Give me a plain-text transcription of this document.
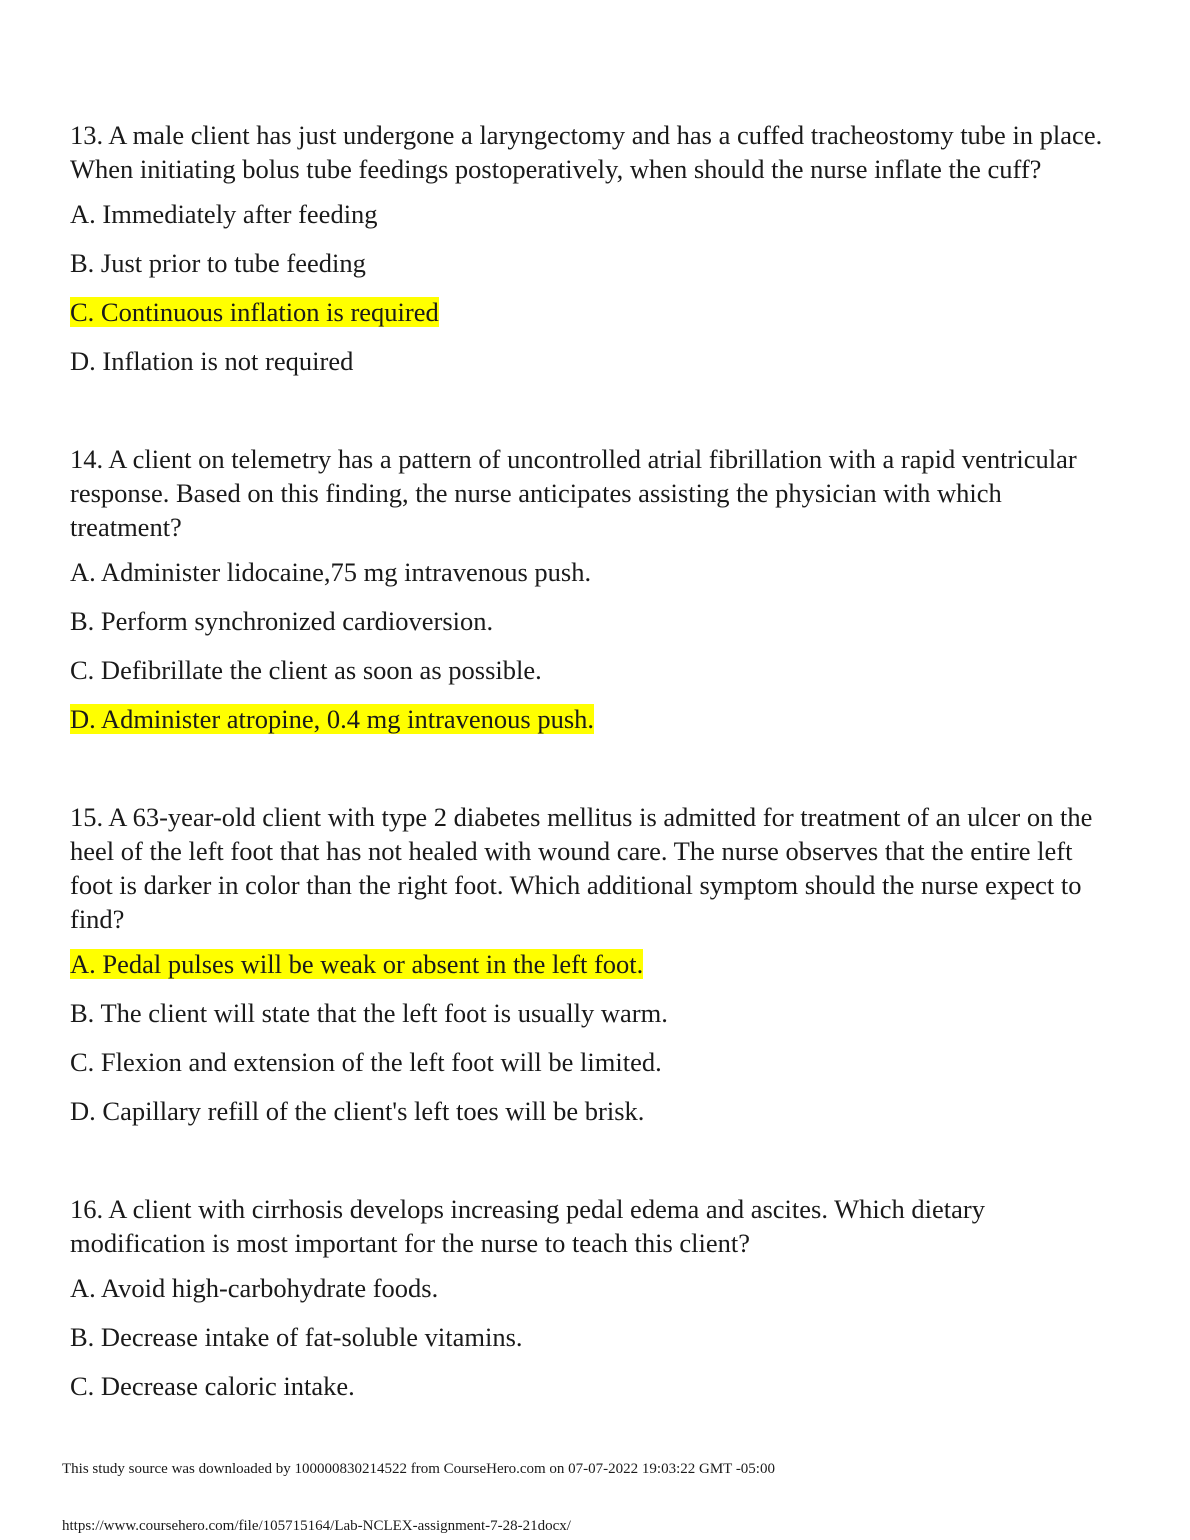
13. A male client has just undergone a laryngectomy and has a cuffed tracheostomy tube in place. When initiating bolus tube feedings postoperatively, when should the nurse inflate the cuff?

A. Immediately after feeding

B. Just prior to tube feeding

C. Continuous inflation is required

D. Inflation is not required

14. A client on telemetry has a pattern of uncontrolled atrial fibrillation with a rapid ventricular response. Based on this finding, the nurse anticipates assisting the physician with which treatment?

A. Administer lidocaine,75 mg intravenous push.

B. Perform synchronized cardioversion.

C. Defibrillate the client as soon as possible.

D. Administer atropine, 0.4 mg intravenous push.

15. A 63-year-old client with type 2 diabetes mellitus is admitted for treatment of an ulcer on the heel of the left foot that has not healed with wound care. The nurse observes that the entire left foot is darker in color than the right foot. Which additional symptom should the nurse expect to find?

A. Pedal pulses will be weak or absent in the left foot.

B. The client will state that the left foot is usually warm.

C. Flexion and extension of the left foot will be limited.

D. Capillary refill of the client's left toes will be brisk.

16. A client with cirrhosis develops increasing pedal edema and ascites. Which dietary modification is most important for the nurse to teach this client?

A. Avoid high-carbohydrate foods.

B. Decrease intake of fat-soluble vitamins.

C. Decrease caloric intake.

This study source was downloaded by 100000830214522 from CourseHero.com on 07-07-2022 19:03:22 GMT -05:00
https://www.coursehero.com/file/105715164/Lab-NCLEX-assignment-7-28-21docx/
